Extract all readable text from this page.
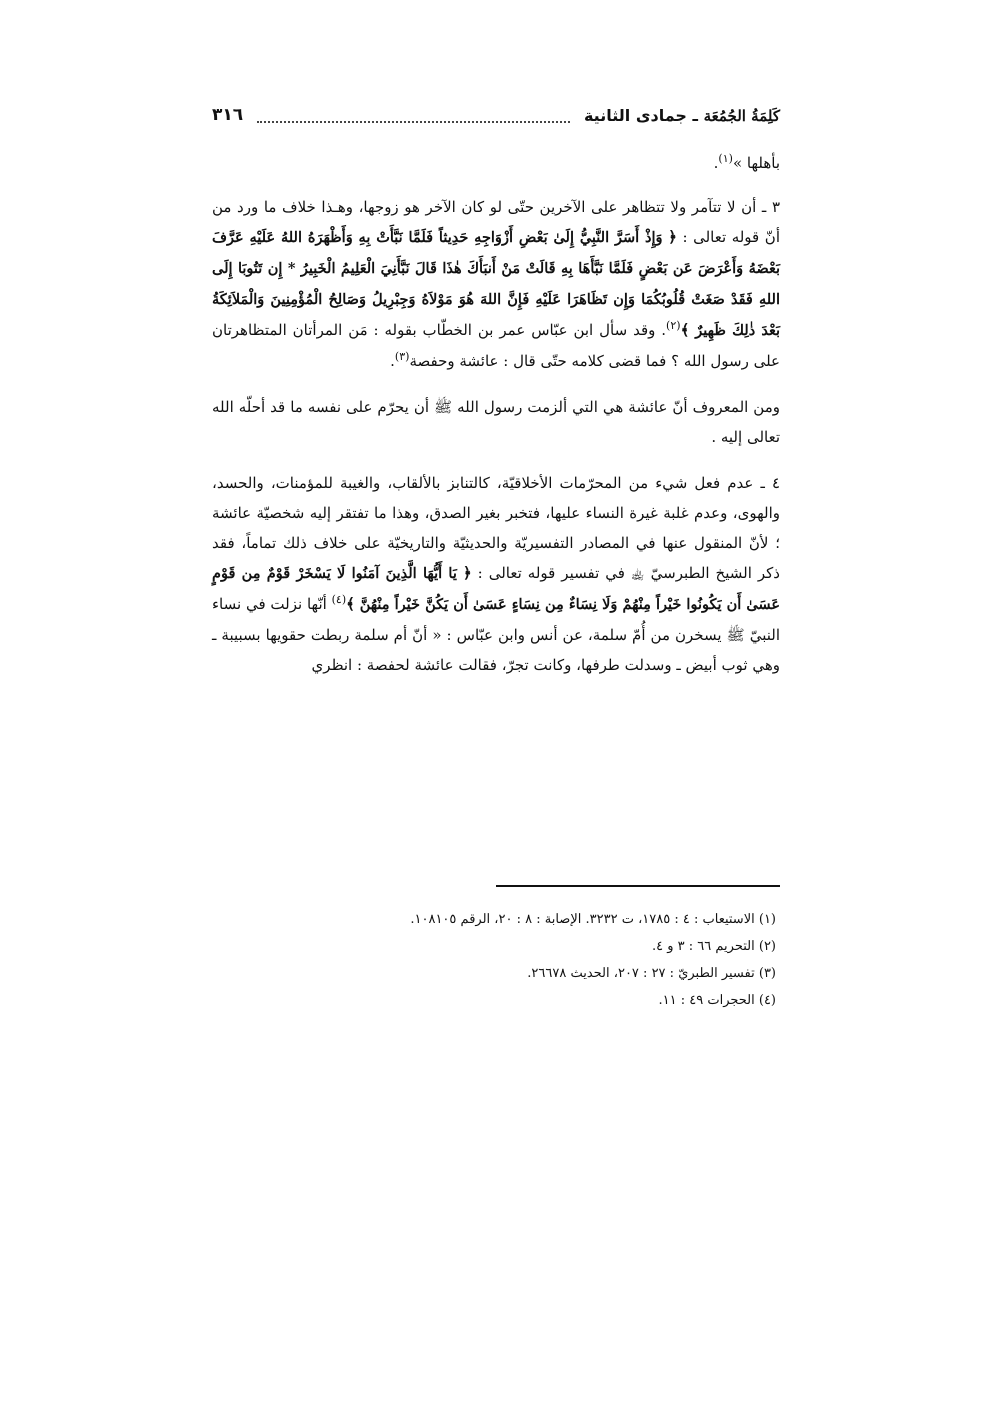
كَلِمَةُ الجُمُعَة ـ جمادى الثانية
٣١٦

بأهلها »$^{(١)}$.

٣ ـ أن لا تتآمر ولا تتظاهر على الآخرين حتّى لو كان الآخر هو زوجها، وهـذا خلاف ما ورد من أنّ قوله تعالى : ﴿ وَإِذْ أَسَرَّ النَّبِيُّ إِلَىٰ بَعْضِ أَزْوَاجِهِ حَدِيثاً فَلَمَّا نَبَّأَتْ بِهِ وَأَظْهَرَهُ اللهُ عَلَيْهِ عَرَّفَ بَعْضَهُ وَأَعْرَضَ عَن بَعْضٍ فَلَمَّا نَبَّأَهَا بِهِ قَالَتْ مَنْ أَنبَأَكَ هٰذَا قَالَ نَبَّأَنِيَ الْعَلِيمُ الْخَبِيرُ * إِن تَتُوبَا إِلَى اللهِ فَقَدْ صَغَتْ قُلُوبُكُمَا وَإِن تَظَاهَرَا عَلَيْهِ فَإِنَّ اللهَ هُوَ مَوْلاَهُ وَجِبْرِيلُ وَصَالِحُ الْمُؤْمِنِينَ وَالْمَلاَئِكَةُ بَعْدَ ذٰلِكَ ظَهِيرٌ ﴾$^{(٢)}$. وقد سأل ابن عبّاس عمر بن الخطّاب بقوله : مَن المرأتان المتظاهرتان على رسول الله ؟ فما قضى كلامه حتّى قال : عائشة وحفصة$^{(٣)}$.

ومن المعروف أنّ عائشة هي التي ألزمت رسول الله ﷺ أن يحرّم على نفسه ما قد أحلّه الله تعالى إليه .

٤ ـ عدم فعل شيء من المحرّمات الأخلاقيّة، كالتنابز بالألقاب، والغيبة للمؤمنات، والحسد، والهوى، وعدم غلبة غيرة النساء عليها، فتخبر بغير الصدق، وهذا ما تفتقر إليه شخصيّة عائشة ؛ لأنّ المنقول عنها في المصادر التفسيريّة والحديثيّة والتاريخيّة على خلاف ذلك تماماً، فقد ذكر الشيخ الطبرسيّ ﵀ في تفسير قوله تعالى : ﴿ يَا أَيُّهَا الَّذِينَ آمَنُوا لَا يَسْخَرْ قَوْمٌ مِن قَوْمٍ عَسَىٰ أَن يَكُونُوا خَيْراً مِنْهُمْ وَلَا نِسَاءٌ مِن نِسَاءٍ عَسَىٰ أَن يَكُنَّ خَيْراً مِنْهُنَّ ﴾$^{(٤)}$ أنّها نزلت في نساء النبيّ ﷺ يسخرن من أُمّ سلمة، عن أنس وابن عبّاس : « أنّ أم سلمة ربطت حقويها بسبيبة ـ وهي ثوب أبيض ـ وسدلت طرفها، وكانت تجرّ، فقالت عائشة لحفصة : انظري

(١) الاستيعاب : ٤ : ١٧٨٥، ت ٣٢٣٢. الإصابة : ٨ : ٢٠، الرقم ١٠٨١٠٥.
(٢) التحريم ٦٦ : ٣ و ٤.
(٣) تفسير الطبريّ : ٢٧ : ٢٠٧، الحديث ٢٦٦٧٨.
(٤) الحجرات ٤٩ : ١١.
